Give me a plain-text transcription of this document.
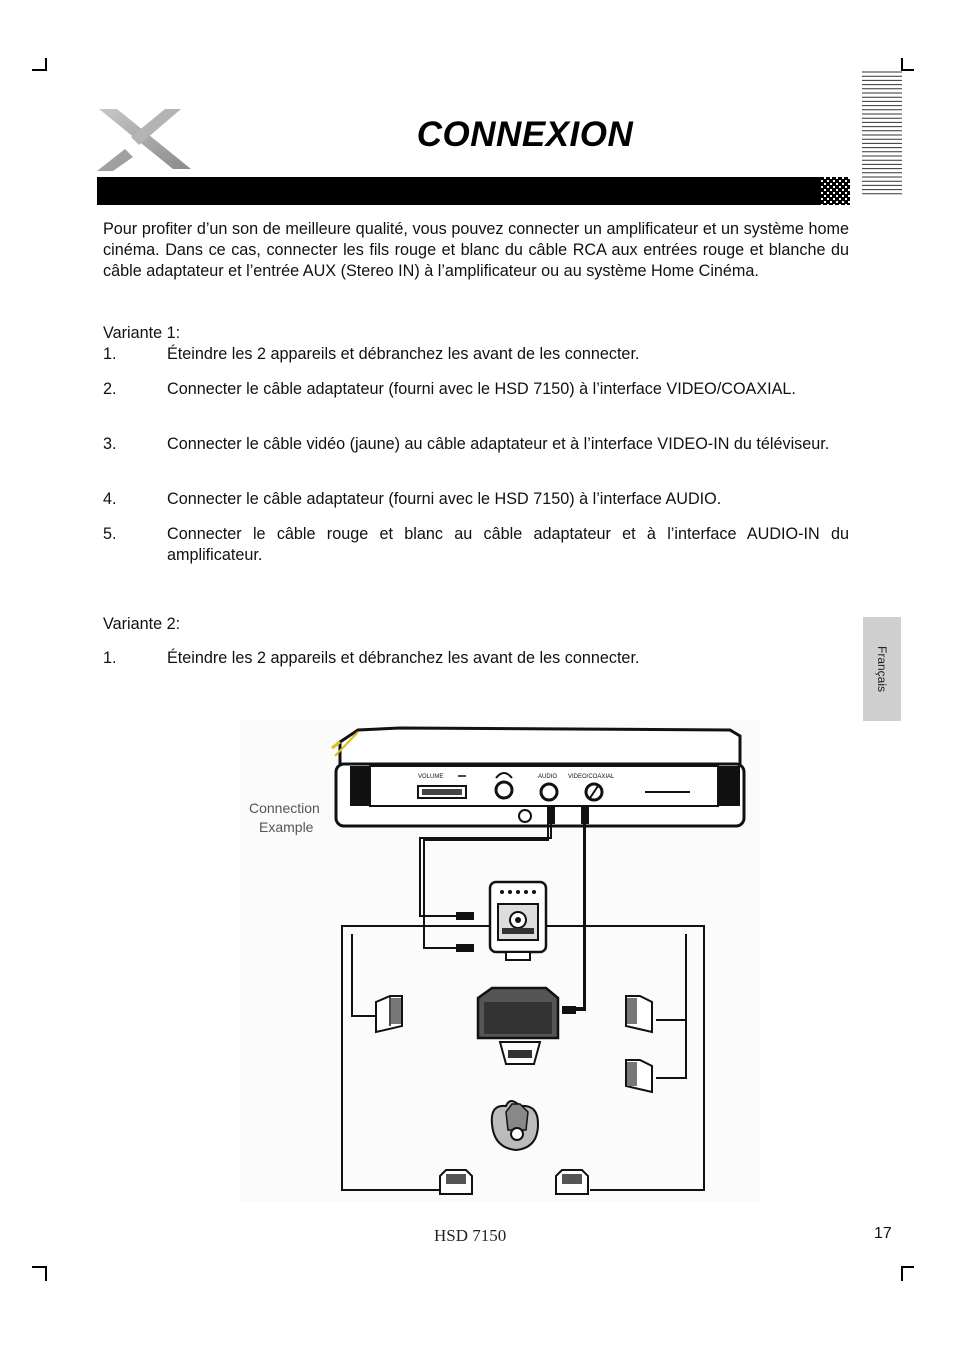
CONNEXION
Pour profiter d’un son de meilleure qualité, vous pouvez connecter un amplificateur et un système home cinéma. Dans ce cas, connecter les fils rouge et blanc du câble RCA aux entrées rouge et blanche du câble adaptateur et l’entrée AUX (Stereo IN) à l’amplificateur ou au système Home Cinéma.
Variante 1:
1.	Éteindre les 2 appareils et débranchez les avant de les connecter.
2.	Connecter le câble adaptateur (fourni avec le HSD 7150) à l’interface VIDEO/COAXIAL.
3.	Connecter le câble vidéo (jaune) au câble adaptateur et à l’interface VIDEO-IN du téléviseur.
4.	Connecter le câble adaptateur (fourni avec le HSD 7150) à l’interface AUDIO.
5.	Connecter le câble rouge et blanc au câble adaptateur et à l’interface AUDIO-IN du amplificateur.
Variante 2:
1.	Éteindre les 2 appareils et débranchez les avant de les connecter.	Français
Connection
Example
VOLUME	AUDIO VIDEO/COAXIAL
HSD 7150	17
